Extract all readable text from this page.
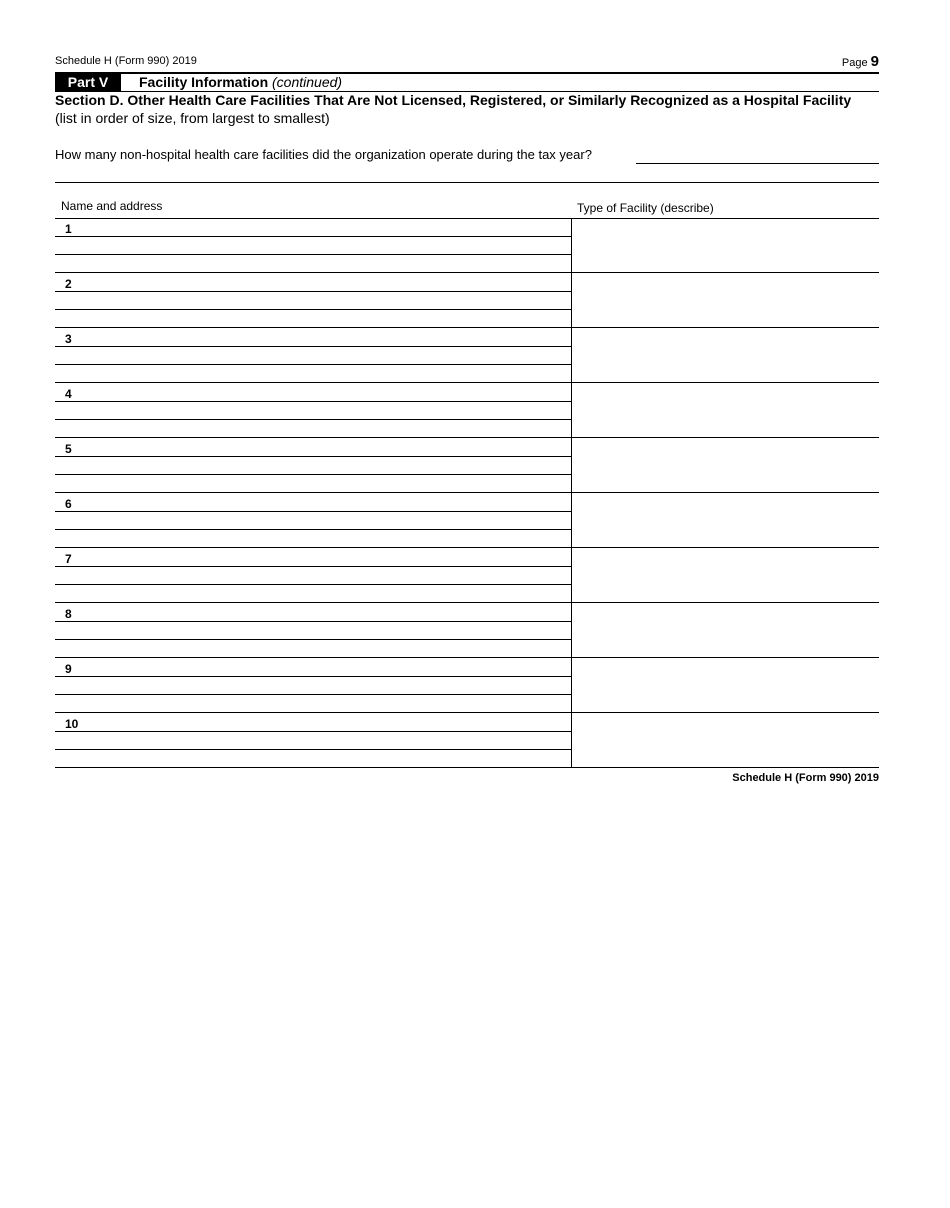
Schedule H (Form 990) 2019	Page 9
Part V	Facility Information (continued)
Section D. Other Health Care Facilities That Are Not Licensed, Registered, or Similarly Recognized as a Hospital Facility
(list in order of size, from largest to smallest)
How many non-hospital health care facilities did the organization operate during the tax year?
Name and address	Type of Facility (describe)
1
2
3
4
5
6
7
8
9
10
Schedule H (Form 990) 2019
